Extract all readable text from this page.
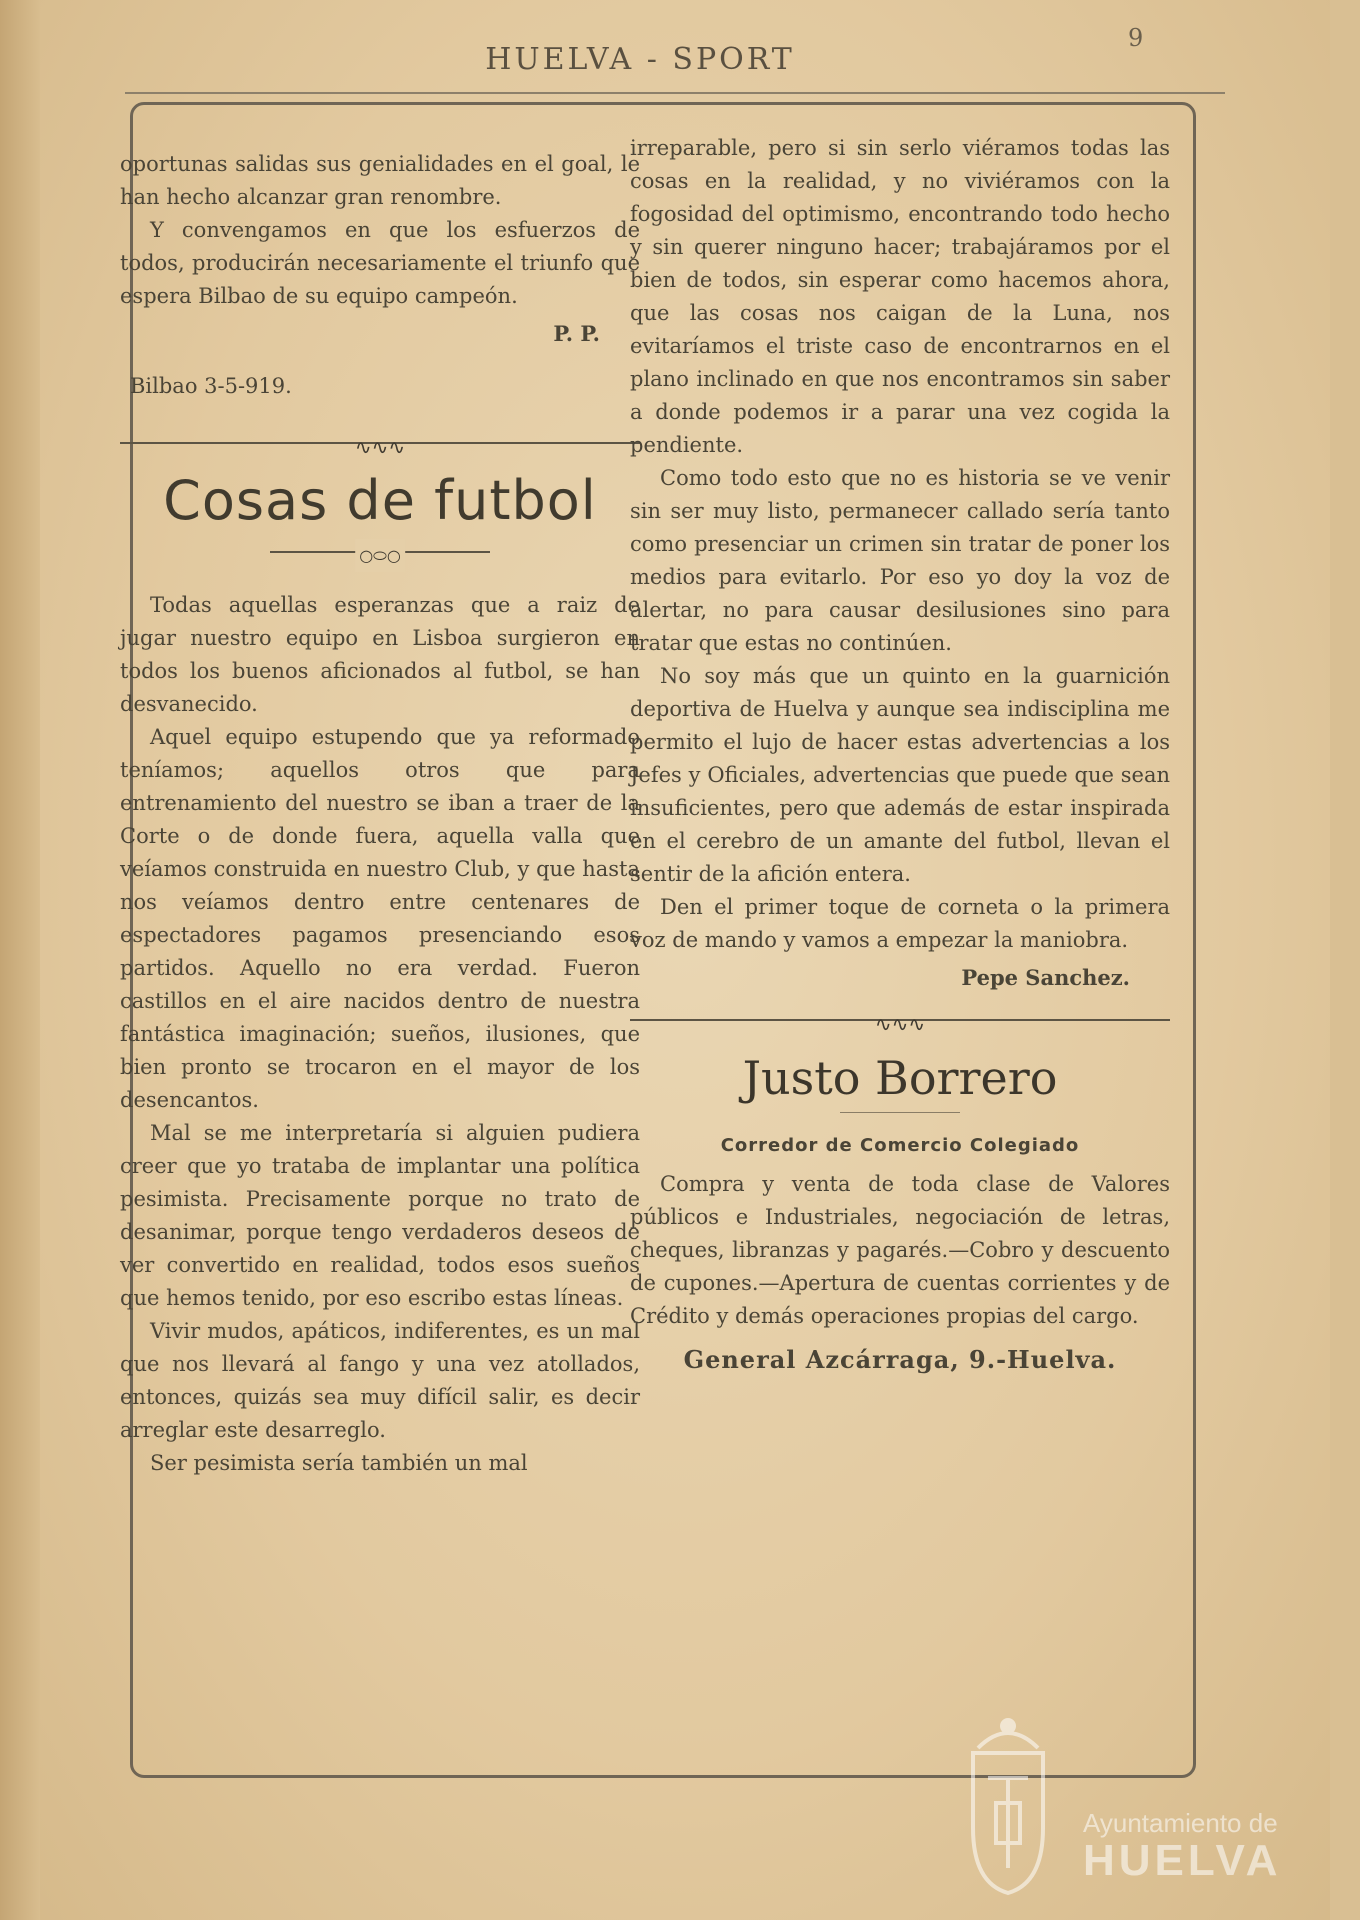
HUELVA - SPORT
9

oportunas salidas sus genialidades en el goal, le han hecho alcanzar gran renombre.

Y convengamos en que los esfuerzos de todos, producirán necesariamente el triunfo que espera Bilbao de su equipo campeón.

P. P.
Bilbao 3-5-919.
∿∿∿
Cosas de futbol
○⬭○

Todas aquellas esperanzas que a raiz de jugar nuestro equipo en Lisboa surgieron en todos los buenos aficionados al futbol, se han desvanecido.

Aquel equipo estupendo que ya reformado teníamos; aquellos otros que para entrenamiento del nuestro se iban a traer de la Corte o de donde fuera, aquella valla que veíamos construida en nuestro Club, y que hasta nos veíamos dentro entre centenares de espectadores pagamos presenciando esos partidos. Aquello no era verdad. Fueron castillos en el aire nacidos dentro de nuestra fantástica imaginación; sueños, ilusiones, que bien pronto se trocaron en el mayor de los desencantos.

Mal se me interpretaría si alguien pudiera creer que yo trataba de implantar una política pesimista. Precisamente porque no trato de desanimar, porque tengo verdaderos deseos de ver convertido en realidad, todos esos sueños que hemos tenido, por eso escribo estas líneas.

Vivir mudos, apáticos, indiferentes, es un mal que nos llevará al fango y una vez atollados, entonces, quizás sea muy difícil salir, es decir arreglar este desarreglo.

Ser pesimista sería también un mal

irreparable, pero si sin serlo viéramos todas las cosas en la realidad, y no viviéramos con la fogosidad del optimismo, encontrando todo hecho y sin querer ninguno hacer; trabajáramos por el bien de todos, sin esperar como hacemos ahora, que las cosas nos caigan de la Luna, nos evitaríamos el triste caso de encontrarnos en el plano inclinado en que nos encontramos sin saber a donde podemos ir a parar una vez cogida la pendiente.

Como todo esto que no es historia se ve venir sin ser muy listo, permanecer callado sería tanto como presenciar un crimen sin tratar de poner los medios para evitarlo. Por eso yo doy la voz de alertar, no para causar desilusiones sino para tratar que estas no continúen.

No soy más que un quinto en la guarnición deportiva de Huelva y aunque sea indisciplina me permito el lujo de hacer estas advertencias a los Jefes y Oficiales, advertencias que puede que sean insuficientes, pero que además de estar inspirada en el cerebro de un amante del futbol, llevan el sentir de la afición entera.

Den el primer toque de corneta o la primera voz de mando y vamos a empezar la maniobra.

Pepe Sanchez.
∿∿∿
Justo Borrero
Corredor de Comercio Colegiado

Compra y venta de toda clase de Valores públicos e Industriales, negociación de letras, cheques, libranzas y pagarés.—Cobro y descuento de cupones.—Apertura de cuentas corrientes y de Crédito y demás operaciones propias del cargo.

General Azcárraga, 9.-Huelva.
Ayuntamiento de
HUELVA
